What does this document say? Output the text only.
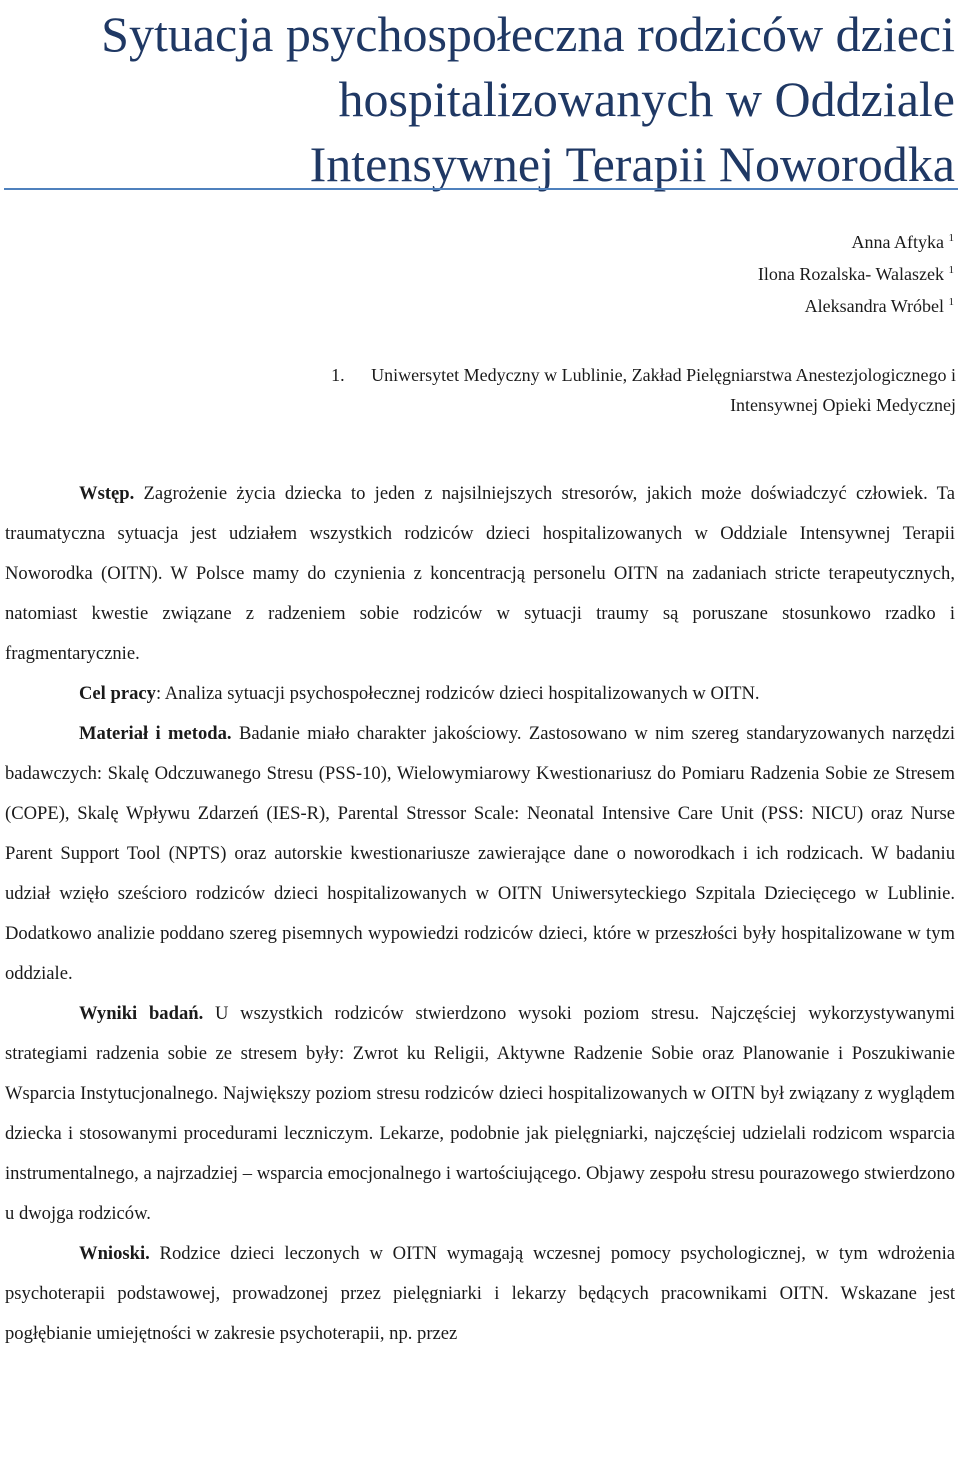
Sytuacja psychospołeczna rodziców dzieci hospitalizowanych w Oddziale Intensywnej Terapii Noworodka
Anna Aftyka $^1$
Ilona Rozalska- Walaszek $^1$
Aleksandra Wróbel $^1$
1. Uniwersytet Medyczny w Lublinie, Zakład Pielęgniarstwa Anestezjologicznego i Intensywnej Opieki Medycznej

Wstęp. Zagrożenie życia dziecka to jeden z najsilniejszych stresorów, jakich może doświadczyć człowiek. Ta traumatyczna sytuacja jest udziałem wszystkich rodziców dzieci hospitalizowanych w Oddziale Intensywnej Terapii Noworodka (OITN). W Polsce mamy do czynienia z koncentracją personelu OITN na zadaniach stricte terapeutycznych, natomiast kwestie związane z radzeniem sobie rodziców w sytuacji traumy są poruszane stosunkowo rzadko i fragmentarycznie.

Cel pracy: Analiza sytuacji psychospołecznej rodziców dzieci hospitalizowanych w OITN.

Materiał i metoda. Badanie miało charakter jakościowy. Zastosowano w nim szereg standaryzowanych narzędzi badawczych: Skalę Odczuwanego Stresu (PSS-10), Wielowymiarowy Kwestionariusz do Pomiaru Radzenia Sobie ze Stresem (COPE), Skalę Wpływu Zdarzeń (IES-R), Parental Stressor Scale: Neonatal Intensive Care Unit (PSS: NICU) oraz Nurse Parent Support Tool (NPTS) oraz autorskie kwestionariusze zawierające dane o noworodkach i ich rodzicach. W badaniu udział wzięło sześcioro rodziców dzieci hospitalizowanych w OITN Uniwersyteckiego Szpitala Dziecięcego w Lublinie. Dodatkowo analizie poddano szereg pisemnych wypowiedzi rodziców dzieci, które w przeszłości były hospitalizowane w tym oddziale.

Wyniki badań. U wszystkich rodziców stwierdzono wysoki poziom stresu. Najczęściej wykorzystywanymi strategiami radzenia sobie ze stresem były: Zwrot ku Religii, Aktywne Radzenie Sobie oraz Planowanie i Poszukiwanie Wsparcia Instytucjonalnego. Największy poziom stresu rodziców dzieci hospitalizowanych w OITN był związany z wyglądem dziecka i stosowanymi procedurami leczniczym. Lekarze, podobnie jak pielęgniarki, najczęściej udzielali rodzicom wsparcia instrumentalnego, a najrzadziej – wsparcia emocjonalnego i wartościującego. Objawy zespołu stresu pourazowego stwierdzono u dwojga rodziców.

Wnioski. Rodzice dzieci leczonych w OITN wymagają wczesnej pomocy psychologicznej, w tym wdrożenia psychoterapii podstawowej, prowadzonej przez pielęgniarki i lekarzy będących pracownikami OITN. Wskazane jest pogłębianie umiejętności w zakresie psychoterapii, np. przez
